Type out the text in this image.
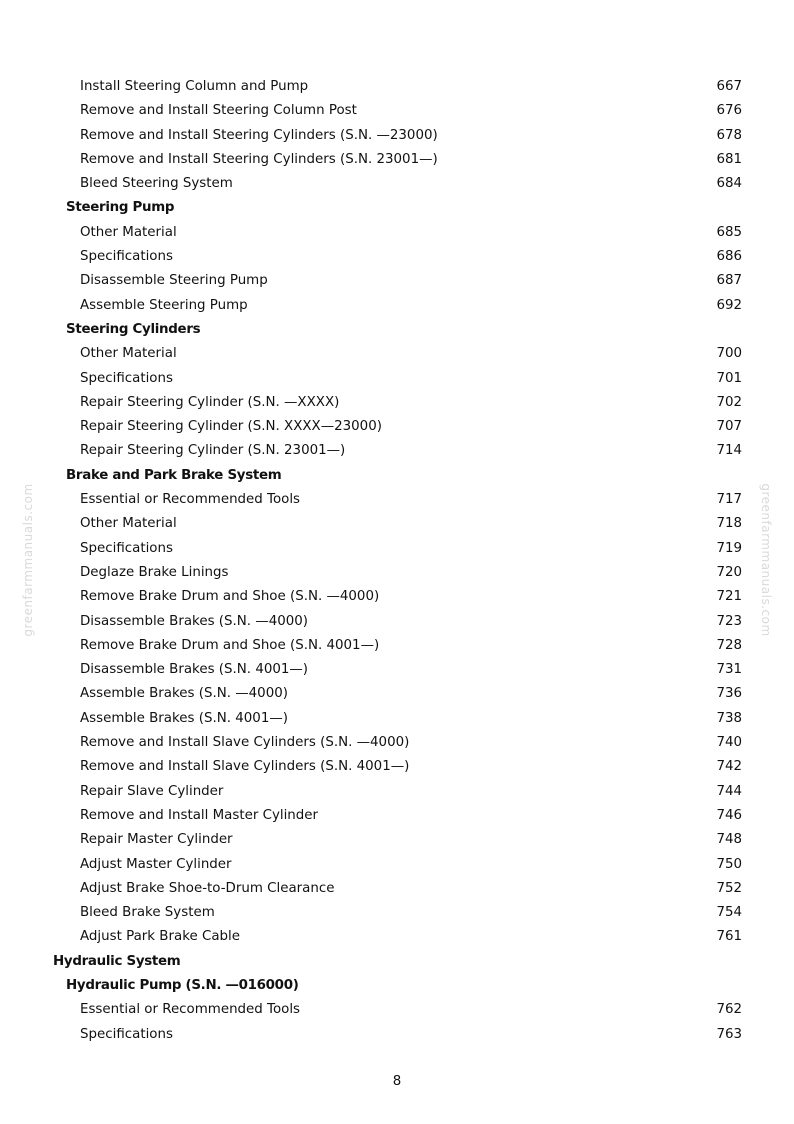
greenfarmmanuals.com	greenfarmmanuals.com
Install Steering Column and Pump	667
Remove and Install Steering Column Post	676
Remove and Install Steering Cylinders (S.N. —23000)	678
Remove and Install Steering Cylinders (S.N. 23001—)	681
Bleed Steering System	684
Steering Pump
Other Material	685
Specifications	686
Disassemble Steering Pump	687
Assemble Steering Pump	692
Steering Cylinders
Other Material	700
Specifications	701
Repair Steering Cylinder (S.N. —XXXX)	702
Repair Steering Cylinder (S.N. XXXX—23000)	707
Repair Steering Cylinder (S.N. 23001—)	714
Brake and Park Brake System
Essential or Recommended Tools	717
Other Material	718
Specifications	719
Deglaze Brake Linings	720
Remove Brake Drum and Shoe (S.N. —4000)	721
Disassemble Brakes (S.N. —4000)	723
Remove Brake Drum and Shoe (S.N. 4001—)	728
Disassemble Brakes (S.N. 4001—)	731
Assemble Brakes (S.N. —4000)	736
Assemble Brakes (S.N. 4001—)	738
Remove and Install Slave Cylinders (S.N. —4000)	740
Remove and Install Slave Cylinders (S.N. 4001—)	742
Repair Slave Cylinder	744
Remove and Install Master Cylinder	746
Repair Master Cylinder	748
Adjust Master Cylinder	750
Adjust Brake Shoe-to-Drum Clearance	752
Bleed Brake System	754
Adjust Park Brake Cable	761
Hydraulic System
Hydraulic Pump (S.N. —016000)
Essential or Recommended Tools	762
Specifications	763
8
